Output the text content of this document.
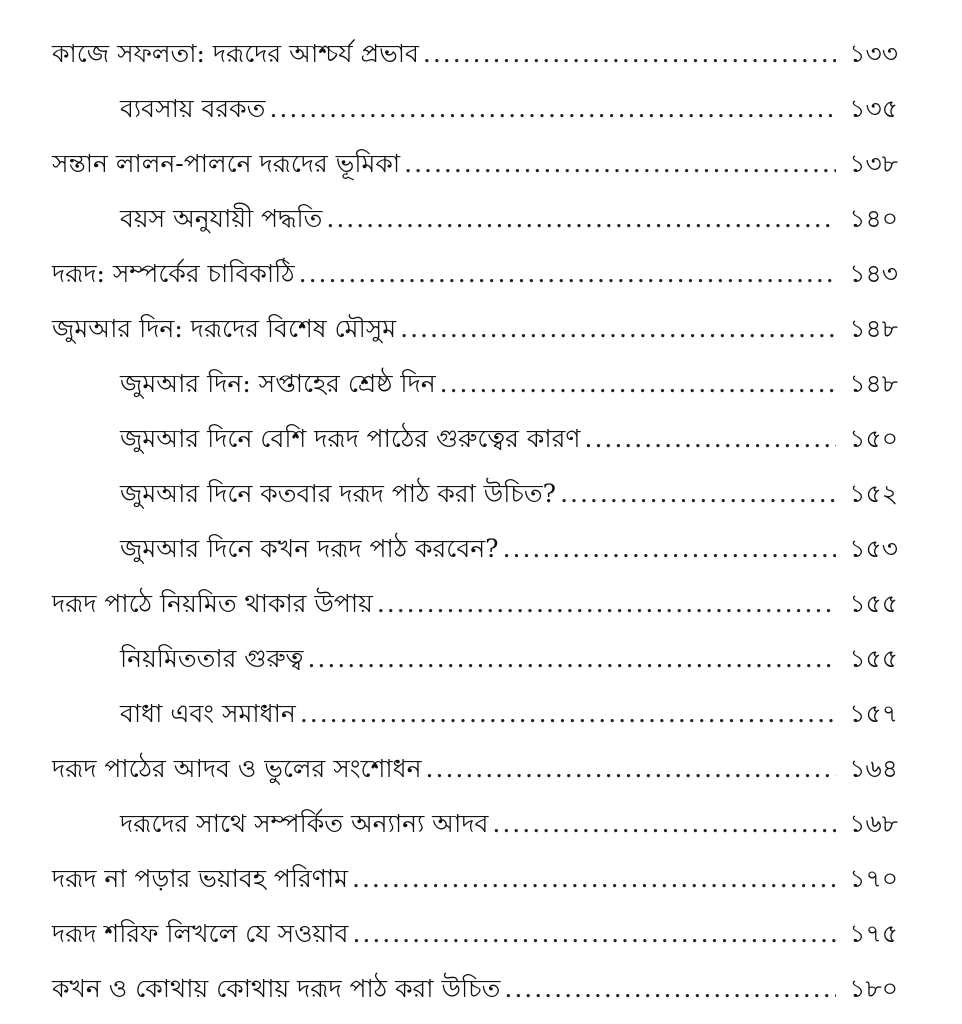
কাজে সফলতা: দরূদের আশ্চর্য প্রভাব .....	১৩৩
ব্যবসায় বরকত .....	১৩৫
সন্তান লালন-পালনে দরূদের ভূমিকা .....	১৩৮
বয়স অনুযায়ী পদ্ধতি .....	১৪০
দরূদ: সম্পর্কের চাবিকাঠি .....	১৪৩
জুমআর দিন: দরূদের বিশেষ মৌসুম .....	১৪৮
জুমআর দিন: সপ্তাহের শ্রেষ্ঠ দিন .....	১৪৮
জুমআর দিনে বেশি দরূদ পাঠের গুরুত্বের কারণ .....	১৫০
জুমআর দিনে কতবার দরূদ পাঠ করা উচিত? .....	১৫২
জুমআর দিনে কখন দরূদ পাঠ করবেন? .....	১৫৩
দরূদ পাঠে নিয়মিত থাকার উপায় .....	১৫৫
নিয়মিততার গুরুত্ব .....	১৫৫
বাধা এবং সমাধান .....	১৫৭
দরূদ পাঠের আদব ও ভুলের সংশোধন .....	১৬৪
দরূদের সাথে সম্পর্কিত অন্যান্য আদব .....	১৬৮
দরূদ না পড়ার ভয়াবহ পরিণাম .....	১৭০
দরূদ শরিফ লিখলে যে সওয়াব .....	১৭৫
কখন ও কোথায় কোথায় দরূদ পাঠ করা উচিত .....	১৮০
